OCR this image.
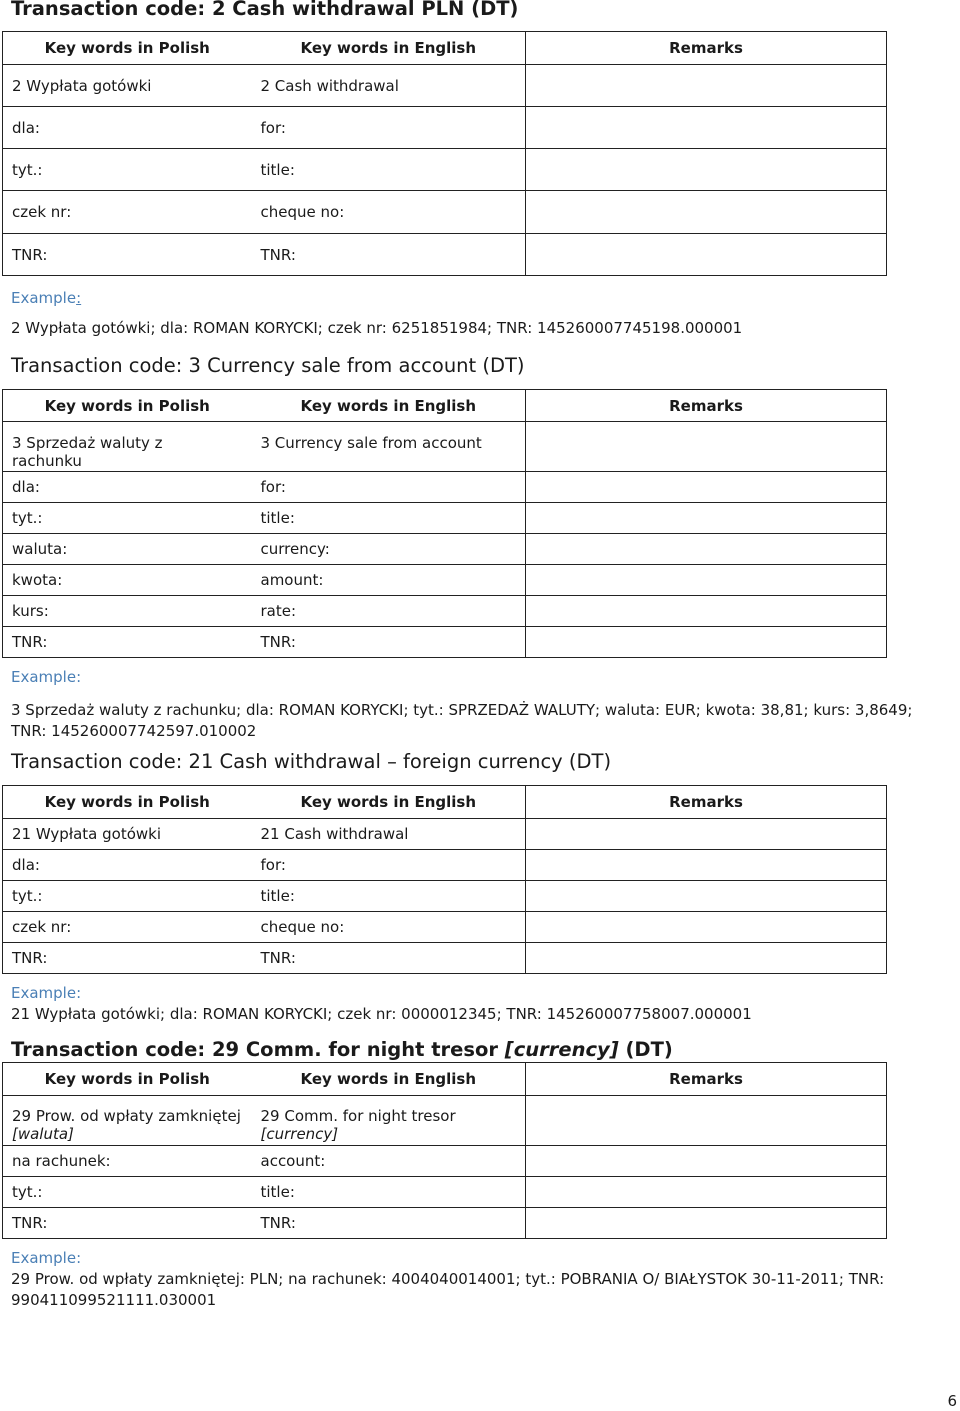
Transaction code: 2 Cash withdrawal PLN (DT)
Key words in Polish	Key words in English	Remarks
2 Wypłata gotówki	2 Cash withdrawal	
dla:	for:	
tyt.:	title:	
czek nr:	cheque no:	
TNR:	TNR:	

Example:

2 Wypłata gotówki; dla: ROMAN KORYCKI; czek nr: 6251851984; TNR: 145260007745198.000001

Transaction code: 3 Currency sale from account (DT)
Key words in Polish	Key words in English	Remarks
3 Sprzedaż waluty z rachunku	3 Currency sale from account	
dla:	for:	
tyt.:	title:	
waluta:	currency:	
kwota:	amount:	
kurs:	rate:	
TNR:	TNR:	

Example:

3 Sprzedaż waluty z rachunku; dla: ROMAN KORYCKI; tyt.: SPRZEDAŻ WALUTY; waluta: EUR; kwota: 38,81; kurs: 3,8649; TNR: 145260007742597.010002

Transaction code: 21 Cash withdrawal – foreign currency (DT)
Key words in Polish	Key words in English	Remarks
21 Wypłata gotówki	21 Cash withdrawal	
dla:	for:	
tyt.:	title:	
czek nr:	cheque no:	
TNR:	TNR:	

Example:

21 Wypłata gotówki; dla: ROMAN KORYCKI; czek nr: 0000012345; TNR: 145260007758007.000001

Transaction code: 29 Comm. for night tresor [currency] (DT)
Key words in Polish	Key words in English	Remarks
29 Prow. od wpłaty zamkniętej [waluta]	29 Comm. for night tresor
[currency]	
na rachunek:	account:	
tyt.:	title:	
TNR:	TNR:	

Example:

29 Prow. od wpłaty zamkniętej: PLN; na rachunek: 4004040014001; tyt.: POBRANIA O/ BIAŁYSTOK 30-11-2011; TNR: 990411099521111.030001

6
